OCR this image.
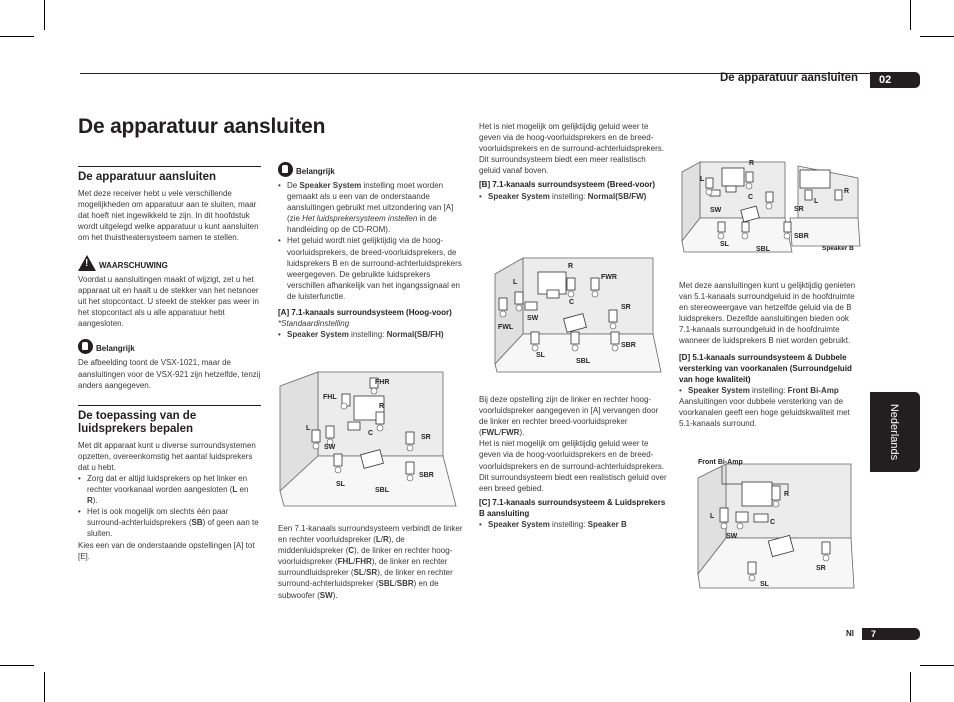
De apparatuur aansluiten	02
Nederlands
Nl	7
De apparatuur aansluiten
De apparatuur aansluiten

Met deze receiver hebt u vele verschillende mogelijkheden om apparatuur aan te sluiten, maar dat hoeft niet ingewikkeld te zijn. In dit hoofdstuk wordt uitgelegd welke apparatuur u kunt aansluiten om het thuistheatersysteem samen te stellen.

! WAARSCHUWING

Voordat u aansluitingen maakt of wijzigt, zet u het apparaat uit en haalt u de stekker van het netsnoer uit het stopcontact. U steekt de stekker pas weer in het stopcontact als u alle apparatuur hebt aangesloten.

Belangrijk

De afbeelding toont de VSX-1021, maar de aansluitingen voor de VSX-921 zijn hetzelfde, tenzij anders aangegeven.

De toepassing van de luidsprekers bepalen

Met dit apparaat kunt u diverse surroundsystemen opzetten, overeenkomstig het aantal luidsprekers dat u hebt.

• Zorg dat er altijd luidsprekers op het linker en rechter voorkanaal worden aangesloten (L en R).
• Het is ook mogelijk om slechts één paar surround-achterluidsprekers (SB) of geen aan te sluiten.

Kies een van de onderstaande opstellingen [A] tot [E].

Belangrijk
• De Speaker System instelling moet worden gemaakt als u een van de onderstaande aansluitingen gebruikt met uitzondering van [A] (zie Het luidsprekersysteem instellen in de handleiding op de CD-ROM).
• Het geluid wordt niet gelijktijdig via de hoog-voorluidsprekers, de breed-voorluidsprekers, de luidsprekers B en de surround-achterluidsprekers weergegeven. De gebruikte luidsprekers verschillen afhankelijk van het ingangssignaal en de luisterfunctie.

[A] 7.1-kanaals surroundsysteem (Hoog-voor)

*Standaardinstelling

• Speaker System instelling: Normal(SB/FH)

Een 7.1-kanaals surroundsysteem verbindt de linker en rechter voorluidspreker (L/R), de middenluidspreker (C), de linker en rechter hoog-voorluidspreker (FHL/FHR), de linker en rechter surroundluidspreker (SL/SR), de linker en rechter surround-achterluidspreker (SBL/SBR) en de subwoofer (SW).

Het is niet mogelijk om gelijktijdig geluid weer te geven via de hoog-voorluidsprekers en de breed-voorluidsprekers en de surround-achterluidsprekers.

Dit surroundsysteem biedt een meer realistisch geluid vanaf boven.

[B] 7.1-kanaals surroundsysteem (Breed-voor)

• Speaker System instelling: Normal(SB/FW)

Bij deze opstelling zijn de linker en rechter hoog-voorluidspreker aangegeven in [A] vervangen door de linker en rechter breed-voorluidspreker (FWL/FWR).

Het is niet mogelijk om gelijktijdig geluid weer te geven via de hoog-voorluidsprekers en de breed-voorluidsprekers en de surround-achterluidsprekers.

Dit surroundsysteem biedt een realistisch geluid over een breed gebied.

[C] 7.1-kanaals surroundsysteem & Luidsprekers B aansluiting

• Speaker System instelling: Speaker B

Met deze aansluitingen kunt u gelijktijdig genieten van 5.1-kanaals surroundgeluid in de hoofdruimte en stereoweergave van hetzelfde geluid via de B luidsprekers. Dezelfde aansluitingen bieden ook 7.1-kanaals surroundgeluid in de hoofdruimte wanneer de luidsprekers B niet worden gebruikt.

[D] 5.1-kanaals surroundsysteem & Dubbele versterking van voorkanalen (Surroundgeluid van hoge kwaliteit)

• Speaker System instelling: Front Bi-Amp

Aansluitingen voor dubbele versterking van de voorkanalen geeft een hoge geluidskwaliteit met 5.1-kanaals surround.

FHR
FHL
R
L
C
SW
SR
SL
SBR
SBL
FWR
R
L
C
SW
FWL
SR
SL
SBR
SBL
R
L
C
SW
R
L
SR
SL
SBL
SBR
Speaker B
Front Bi-Amp
L
R
C
SW
SR
SL
